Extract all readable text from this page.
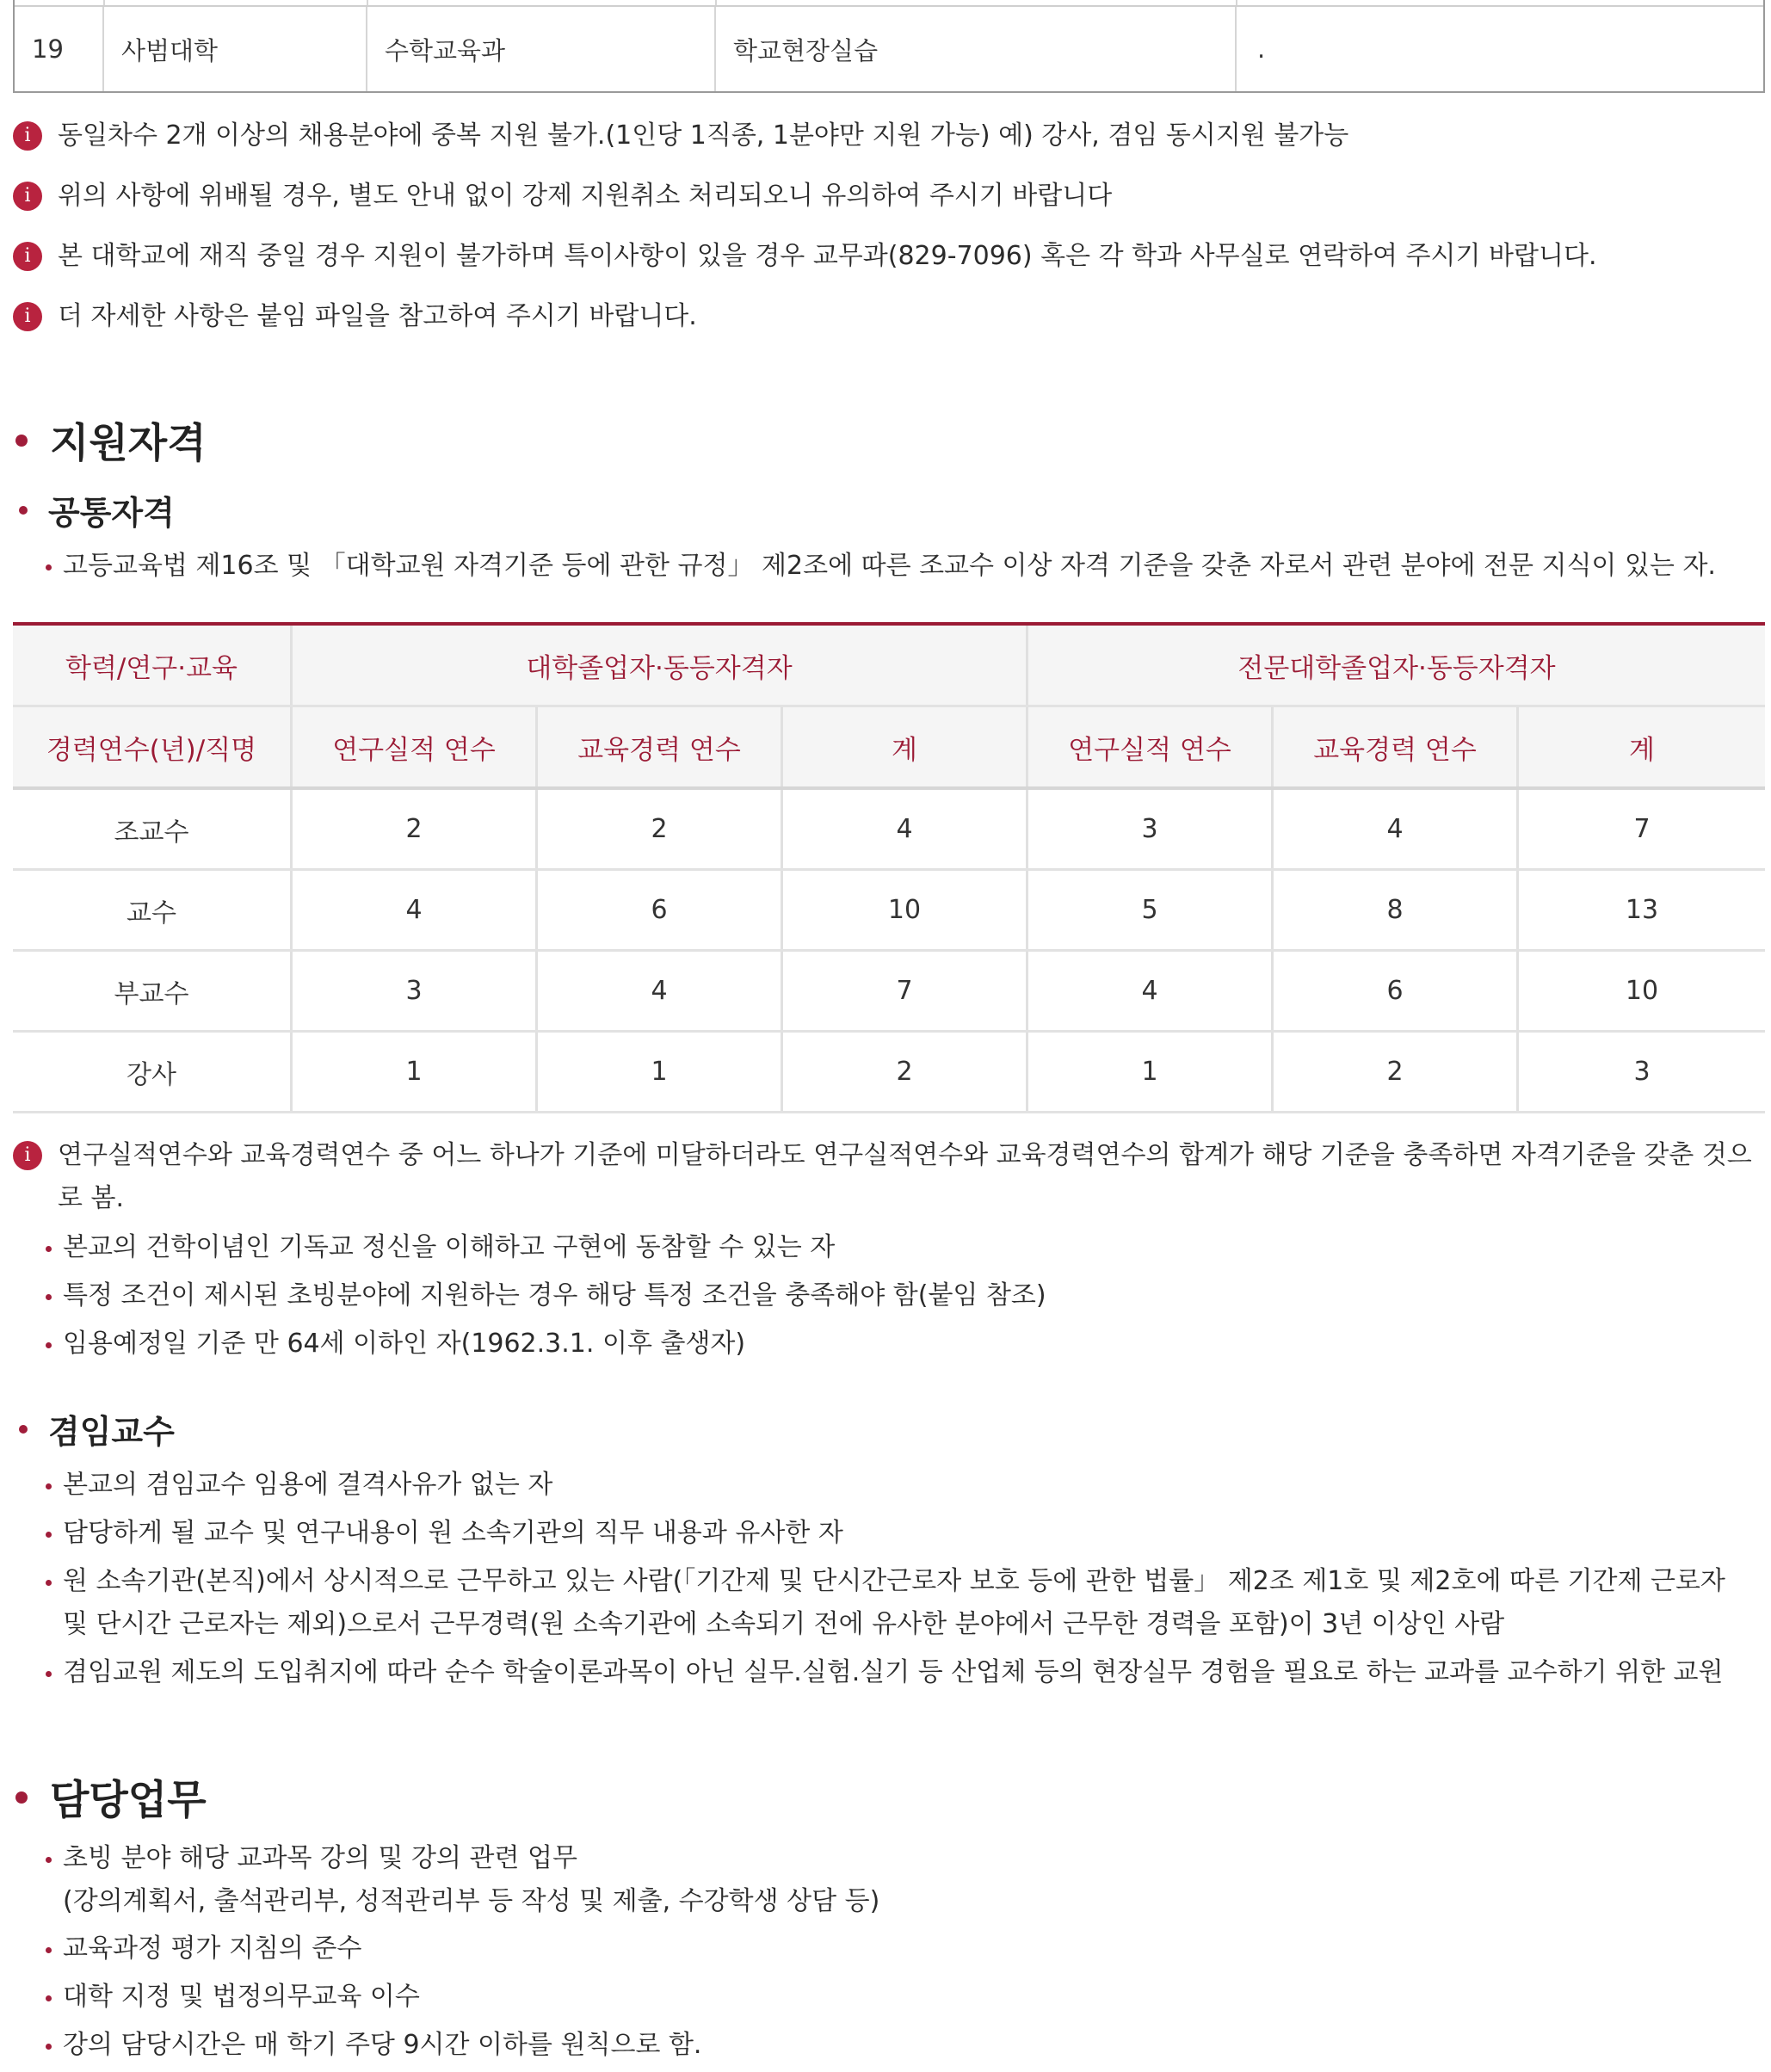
19	사범대학	수학교육과	학교현장실습	.
i	동일차수 2개 이상의 채용분야에 중복 지원 불가.(1인당 1직종, 1분야만 지원 가능) 예) 강사, 겸임 동시지원 불가능
i	위의 사항에 위배될 경우, 별도 안내 없이 강제 지원취소 처리되오니 유의하여 주시기 바랍니다
i	본 대학교에 재직 중일 경우 지원이 불가하며 특이사항이 있을 경우 교무과(829-7096) 혹은 각 학과 사무실로 연락하여 주시기 바랍니다.
i	더 자세한 사항은 붙임 파일을 참고하여 주시기 바랍니다.
지원자격
공통자격
고등교육법 제16조 및 「대학교원 자격기준 등에 관한 규정」 제2조에 따른 조교수 이상 자격 기준을 갖춘 자로서 관련 분야에 전문 지식이 있는 자.
학력/연구·교육	대학졸업자·동등자격자	전문대학졸업자·동등자격자
경력연수(년)/직명	연구실적 연수	교육경력 연수	계	연구실적 연수	교육경력 연수	계
조교수	2	2	4	3	4	7
교수	4	6	10	5	8	13
부교수	3	4	7	4	6	10
강사	1	1	2	1	2	3
i	연구실적연수와 교육경력연수 중 어느 하나가 기준에 미달하더라도 연구실적연수와 교육경력연수의 합계가 해당 기준을 충족하면 자격기준을 갖춘 것으로 봄.
본교의 건학이념인 기독교 정신을 이해하고 구현에 동참할 수 있는 자
특정 조건이 제시된 초빙분야에 지원하는 경우 해당 특정 조건을 충족해야 함(붙임 참조)
임용예정일 기준 만 64세 이하인 자(1962.3.1. 이후 출생자)
겸임교수
본교의 겸임교수 임용에 결격사유가 없는 자
담당하게 될 교수 및 연구내용이 원 소속기관의 직무 내용과 유사한 자
원 소속기관(본직)에서 상시적으로 근무하고 있는 사람(「기간제 및 단시간근로자 보호 등에 관한 법률」 제2조 제1호 및 제2호에 따른 기간제 근로자 및 단시간 근로자는 제외)으로서 근무경력(원 소속기관에 소속되기 전에 유사한 분야에서 근무한 경력을 포함)이 3년 이상인 사람
겸임교원 제도의 도입취지에 따라 순수 학술이론과목이 아닌 실무.실험.실기 등 산업체 등의 현장실무 경험을 필요로 하는 교과를 교수하기 위한 교원
담당업무
초빙 분야 해당 교과목 강의 및 강의 관련 업무
(강의계획서, 출석관리부, 성적관리부 등 작성 및 제출, 수강학생 상담 등)
교육과정 평가 지침의 준수
대학 지정 및 법정의무교육 이수
강의 담당시간은 매 학기 주당 9시간 이하를 원칙으로 함.
